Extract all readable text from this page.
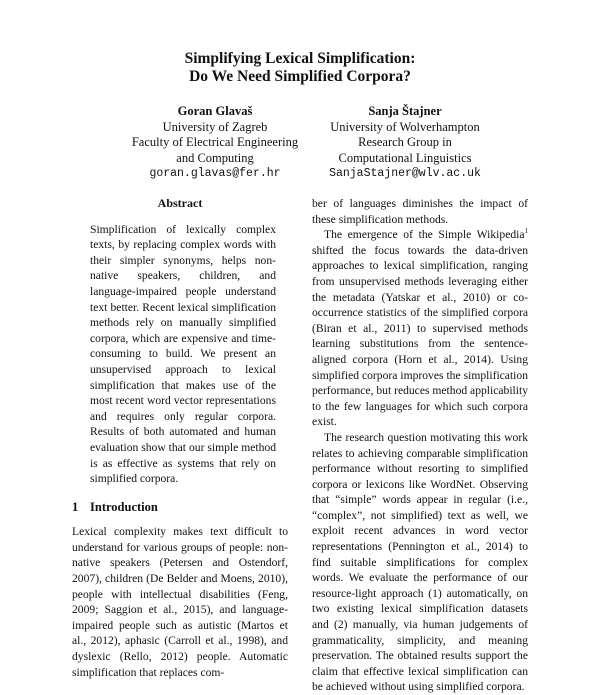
Simplifying Lexical Simplification:
Do We Need Simplified Corpora?
Goran Glavaš
University of Zagreb
Faculty of Electrical Engineering
and Computing
goran.glavas@fer.hr
Sanja Štajner
University of Wolverhampton
Research Group in
Computational Linguistics
SanjaStajner@wlv.ac.uk
Abstract
Simplification of lexically complex texts, by replacing complex words with their simpler synonyms, helps non-native speakers, children, and language-impaired people understand text better. Recent lexical simplification methods rely on manually simplified corpora, which are expensive and time-consuming to build. We present an unsupervised approach to lexical simplification that makes use of the most recent word vector representations and requires only regular corpora. Results of both automated and human evaluation show that our simple method is as effective as systems that rely on simplified corpora.
1 Introduction

Lexical complexity makes text difficult to understand for various groups of people: non-native speakers (Petersen and Ostendorf, 2007), children (De Belder and Moens, 2010), people with intellectual disabilities (Feng, 2009; Saggion et al., 2015), and language-impaired people such as autistic (Martos et al., 2012), aphasic (Carroll et al., 1998), and dyslexic (Rello, 2012) people. Automatic simplification that replaces com-

ber of languages diminishes the impact of these simplification methods.

The emergence of the Simple Wikipedia$^1$ shifted the focus towards the data-driven approaches to lexical simplification, ranging from unsupervised methods leveraging either the metadata (Yatskar et al., 2010) or co-occurrence statistics of the simplified corpora (Biran et al., 2011) to supervised methods learning substitutions from the sentence-aligned corpora (Horn et al., 2014). Using simplified corpora improves the simplification performance, but reduces method applicability to the few languages for which such corpora exist.

The research question motivating this work relates to achieving comparable simplification performance without resorting to simplified corpora or lexicons like WordNet. Observing that “simple” words appear in regular (i.e., “complex”, not simplified) text as well, we exploit recent advances in word vector representations (Pennington et al., 2014) to find suitable simplifications for complex words. We evaluate the performance of our resource-light approach (1) automatically, on two existing lexical simplification datasets and (2) manually, via human judgements of grammaticality, simplicity, and meaning preservation. The obtained results support the claim that effective lexical simplification can be achieved without using simplified corpora.
